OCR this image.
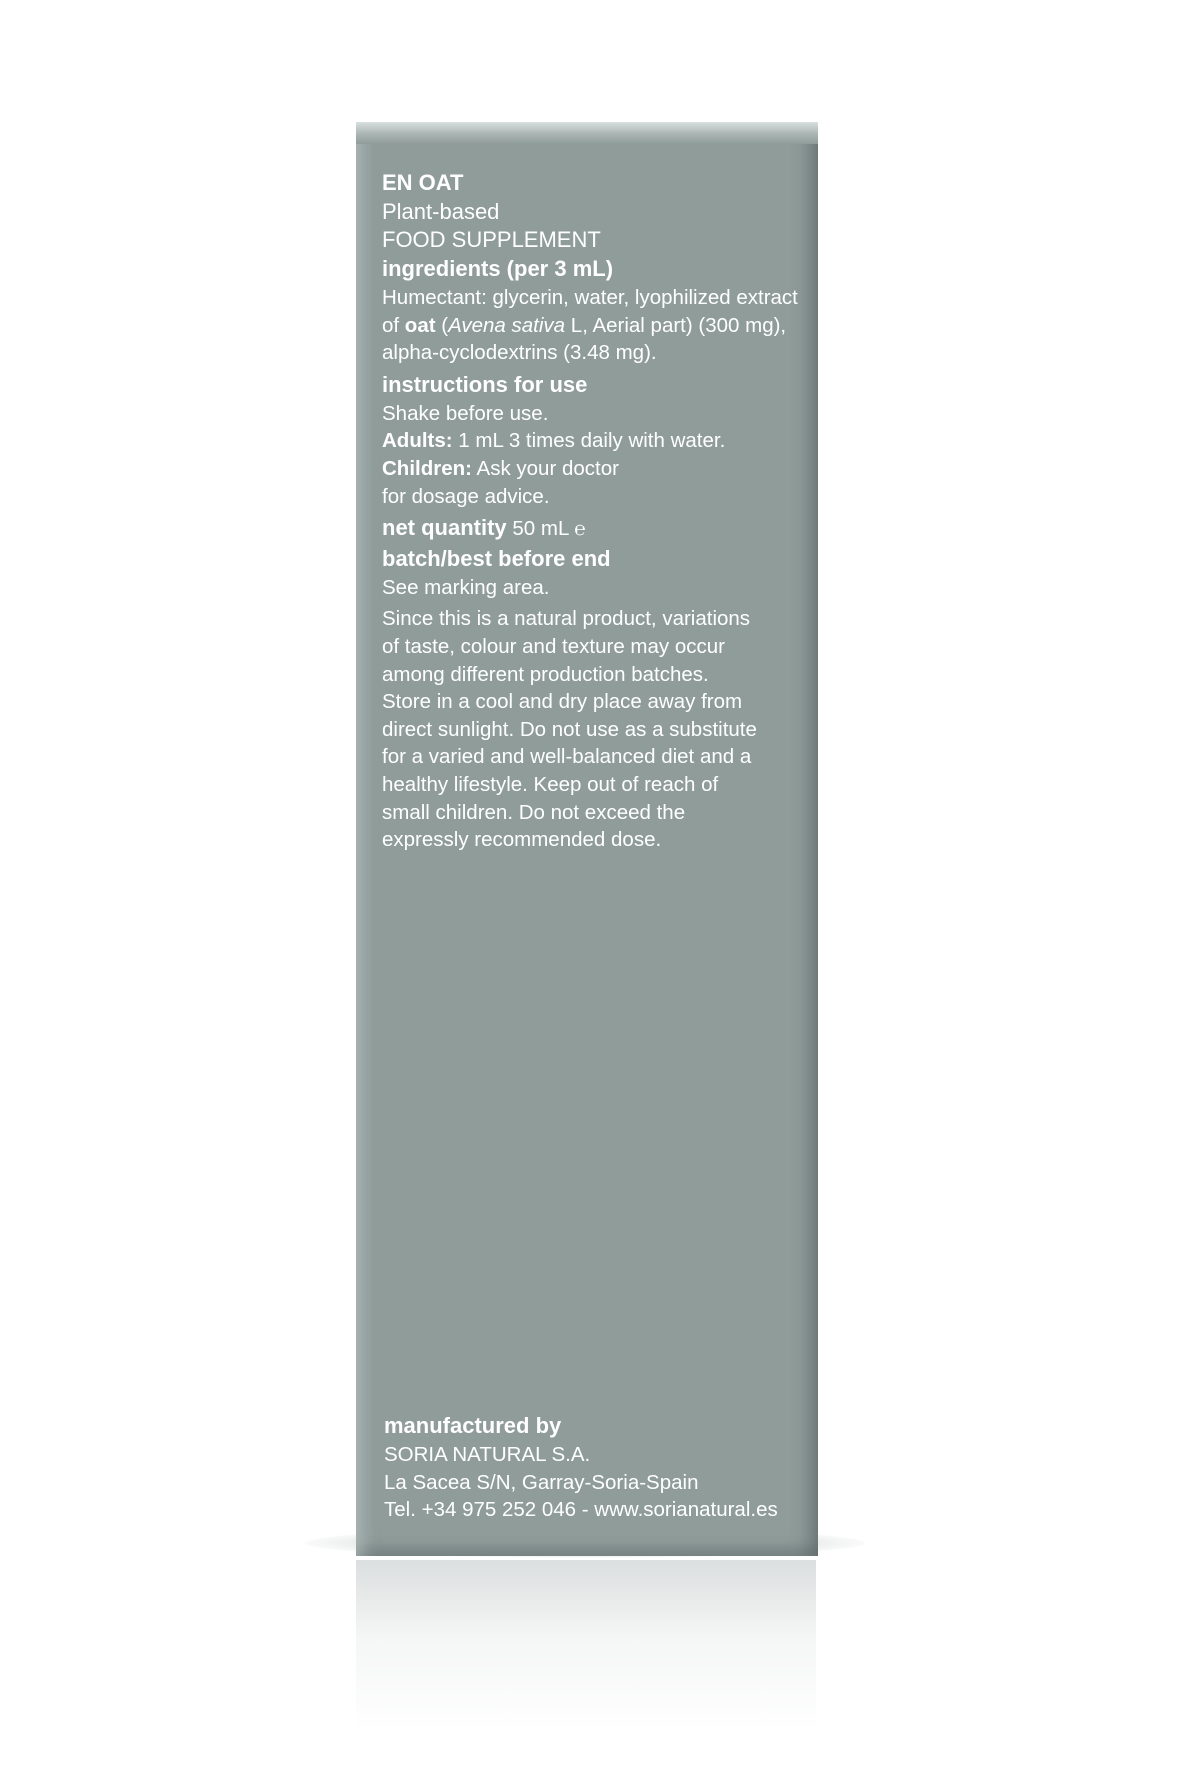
EN OAT

Plant-based

FOOD SUPPLEMENT

ingredients (per 3 mL)

Humectant: glycerin, water, lyophilized extract of oat (Avena sativa L, Aerial part) (300 mg), alpha-cyclodextrins (3.48 mg).

instructions for use

Shake before use.

Adults: 1 mL 3 times daily with water.

Children: Ask your doctor

for dosage advice.

net quantity 50 mL ℮

batch/best before end

See marking area.

Since this is a natural product, variations

of taste, colour and texture may occur

among different production batches.

Store in a cool and dry place away from

direct sunlight. Do not use as a substitute

for a varied and well-balanced diet and a

healthy lifestyle. Keep out of reach of

small children. Do not exceed the

expressly recommended dose.

manufactured by

SORIA NATURAL S.A.

La Sacea S/N, Garray-Soria-Spain

Tel. +34 975 252 046 - www.sorianatural.es
